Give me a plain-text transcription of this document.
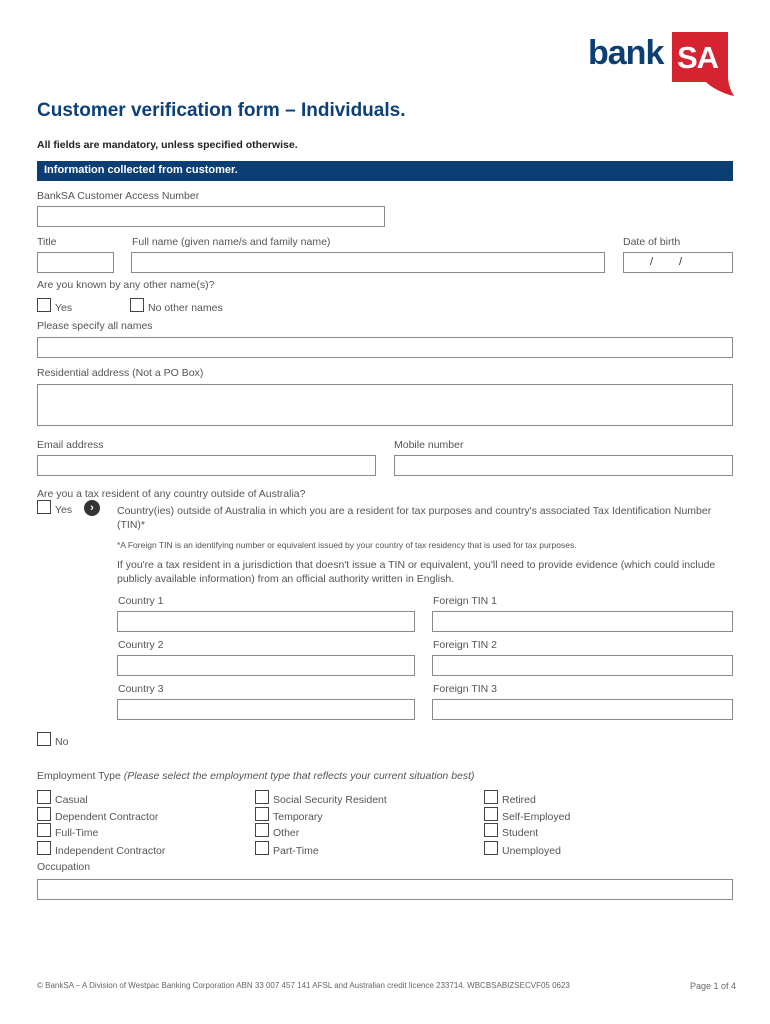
bank SA
Customer verification form – Individuals.
All fields are mandatory, unless specified otherwise.
Information collected from customer.
BankSA Customer Access Number
Title	Full name (given name/s and family name)	Date of birth
/ /
Are you known by any other name(s)?
Yes	No other names
Please specify all names
Residential address (Not a PO Box)
Email address	Mobile number
Are you a tax resident of any country outside of Australia?
Yes	›	Country(ies) outside of Australia in which you are a resident for tax purposes and country's associated Tax Identification Number (TIN)*
*A Foreign TIN is an identifying number or equivalent issued by your country of tax residency that is used for tax purposes.
If you're a tax resident in a jurisdiction that doesn't issue a TIN or equivalent, you'll need to provide evidence (which could include publicly available information) from an official authority written in English.
Country 1	Foreign TIN 1
Country 2	Foreign TIN 2
Country 3	Foreign TIN 3
No
Employment Type (Please select the employment type that reflects your current situation best)
Casual
Dependent Contractor
Full-Time
Independent Contractor
Social Security Resident
Temporary
Other
Part-Time
Retired
Self-Employed
Student
Unemployed
Occupation
© BankSA – A Division of Westpac Banking Corporation ABN 33 007 457 141 AFSL and Australian credit licence 233714. WBCBSABIZSECVF05 0623	Page 1 of 4
